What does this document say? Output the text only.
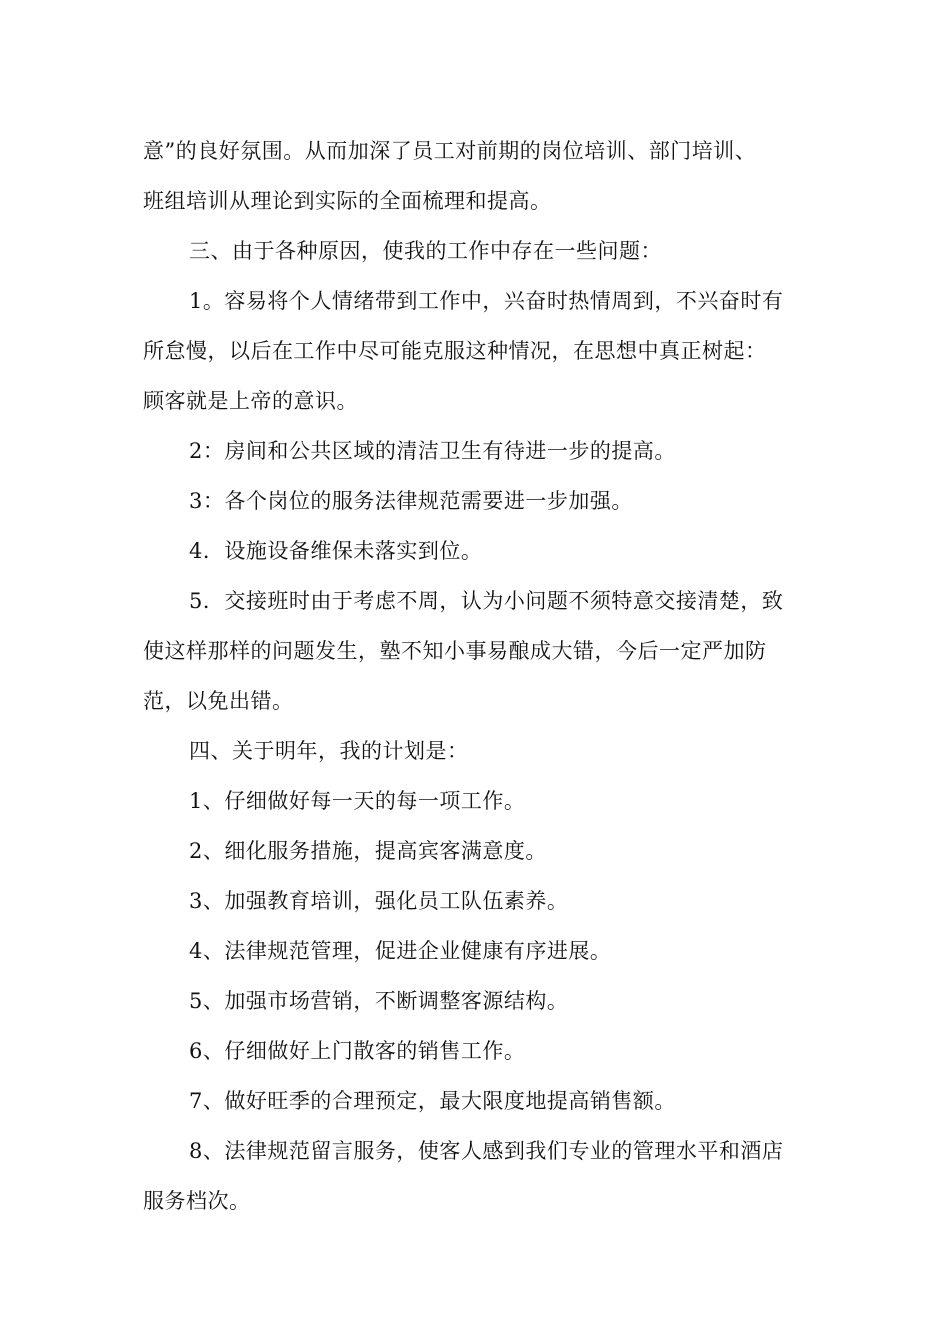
意”的良好氛围。从而加深了员工对前期的岗位培训、部门培训、
班组培训从理论到实际的全面梳理和提高。
三、由于各种原因，使我的工作中存在一些问题：
1。容易将个人情绪带到工作中，兴奋时热情周到，不兴奋时有
所怠慢，以后在工作中尽可能克服这种情况，在思想中真正树起：
顾客就是上帝的意识。
2：房间和公共区域的清洁卫生有待进一步的提高。
3：各个岗位的服务法律规范需要进一步加强。
4．设施设备维保未落实到位。
5．交接班时由于考虑不周，认为小问题不须特意交接清楚，致
使这样那样的问题发生，塾不知小事易酿成大错，今后一定严加防
范，以免出错。
四、关于明年，我的计划是：
1、仔细做好每一天的每一项工作。
2、细化服务措施，提高宾客满意度。
3、加强教育培训，强化员工队伍素养。
4、法律规范管理，促进企业健康有序进展。
5、加强市场营销，不断调整客源结构。
6、仔细做好上门散客的销售工作。
7、做好旺季的合理预定，最大限度地提高销售额。
8、法律规范留言服务，使客人感到我们专业的管理水平和酒店
服务档次。
